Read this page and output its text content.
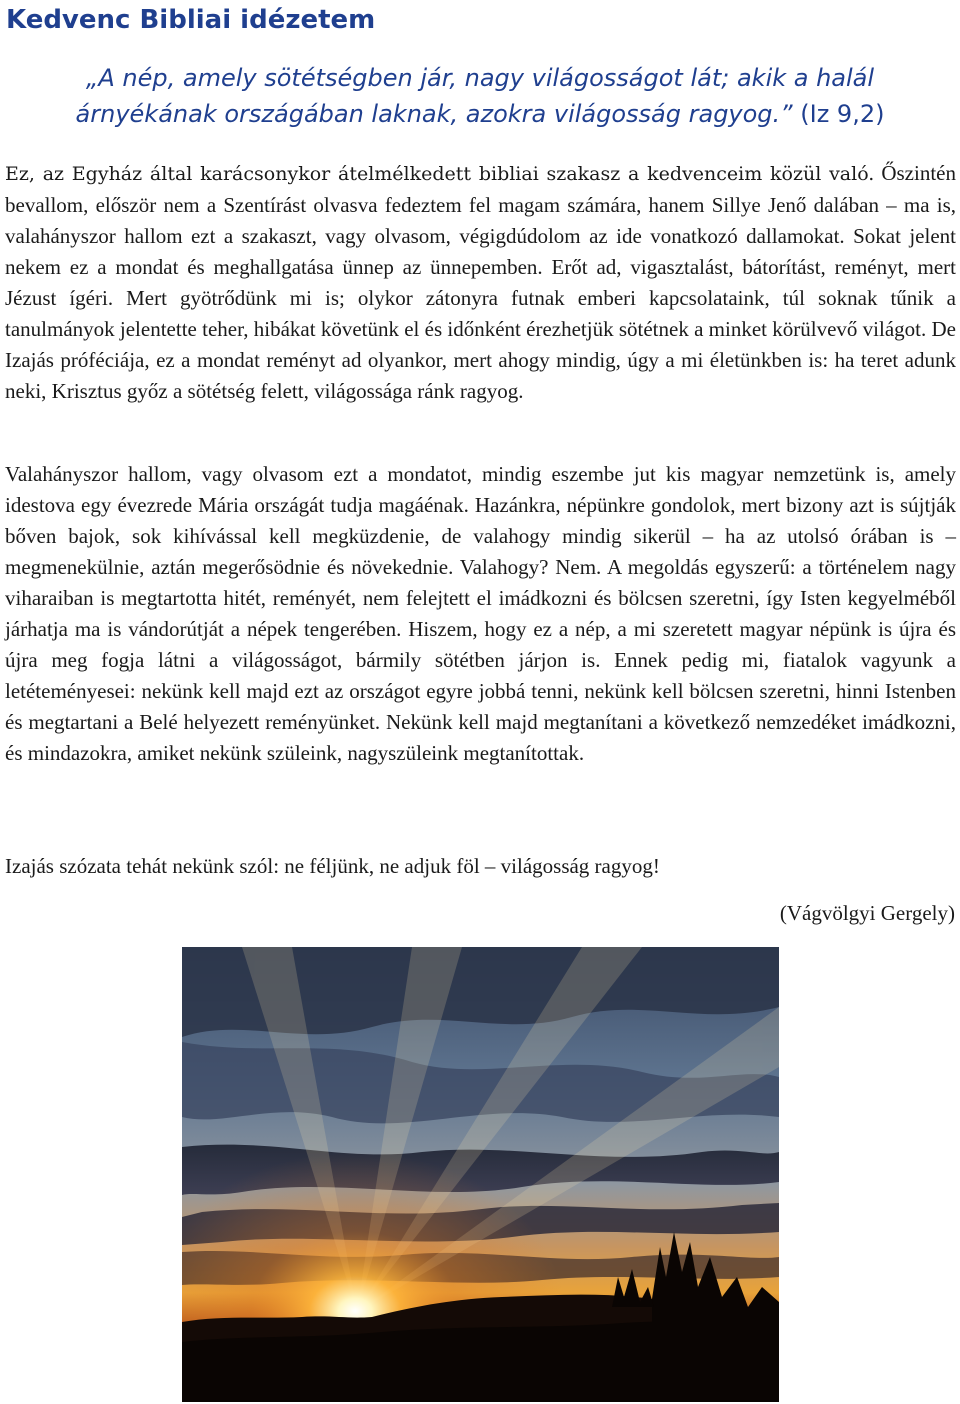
Kedvenc Bibliai idézetem
„A nép, amely sötétségben jár, nagy világosságot lát; akik a halál árnyékának országában laknak, azokra világosság ragyog.” (Iz 9,2)
Ez, az Egyház által karácsonykor átelmélkedett bibliai szakasz a kedvenceim közül való. Őszintén bevallom, először nem a Szentírást olvasva fedeztem fel magam számára, hanem Sillye Jenő dalában – ma is, valahányszor hallom ezt a szakaszt, vagy olvasom, végigdúdolom az ide vonatkozó dallamokat. Sokat jelent nekem ez a mondat és meghallgatása ünnep az ünnepemben. Erőt ad, vigasztalást, bátorítást, reményt, mert Jézust ígéri. Mert gyötrődünk mi is; olykor zátonyra futnak emberi kapcsolataink, túl soknak tűnik a tanulmányok jelentette teher, hibákat követünk el és időnként érezhetjük sötétnek a minket körülvevő világot. De Izajás próféciája, ez a mondat reményt ad olyankor, mert ahogy mindig, úgy a mi életünkben is: ha teret adunk neki, Krisztus győz a sötétség felett, világossága ránk ragyog.
Valahányszor hallom, vagy olvasom ezt a mondatot, mindig eszembe jut kis magyar nemzetünk is, amely idestova egy évezrede Mária országát tudja magáénak. Hazánkra, népünkre gondolok, mert bizony azt is sújtják bőven bajok, sok kihívással kell megküzdenie, de valahogy mindig sikerül – ha az utolsó órában is – megmenekülnie, aztán megerősödnie és növekednie. Valahogy? Nem. A megoldás egyszerű: a történelem nagy viharaiban is megtartotta hitét, reményét, nem felejtett el imádkozni és bölcsen szeretni, így Isten kegyelméből járhatja ma is vándorútját a népek tengerében. Hiszem, hogy ez a nép, a mi szeretett magyar népünk is újra és újra meg fogja látni a világosságot, bármily sötétben járjon is. Ennek pedig mi, fiatalok vagyunk a letéteményesei: nekünk kell majd ezt az országot egyre jobbá tenni, nekünk kell bölcsen szeretni, hinni Istenben és megtartani a Belé helyezett reményünket. Nekünk kell majd megtanítani a következő nemzedéket imádkozni, és mindazokra, amiket nekünk szüleink, nagyszüleink megtanítottak.
Izajás szózata tehát nekünk szól: ne féljünk, ne adjuk föl – világosság ragyog!
(Vágvölgyi Gergely)
